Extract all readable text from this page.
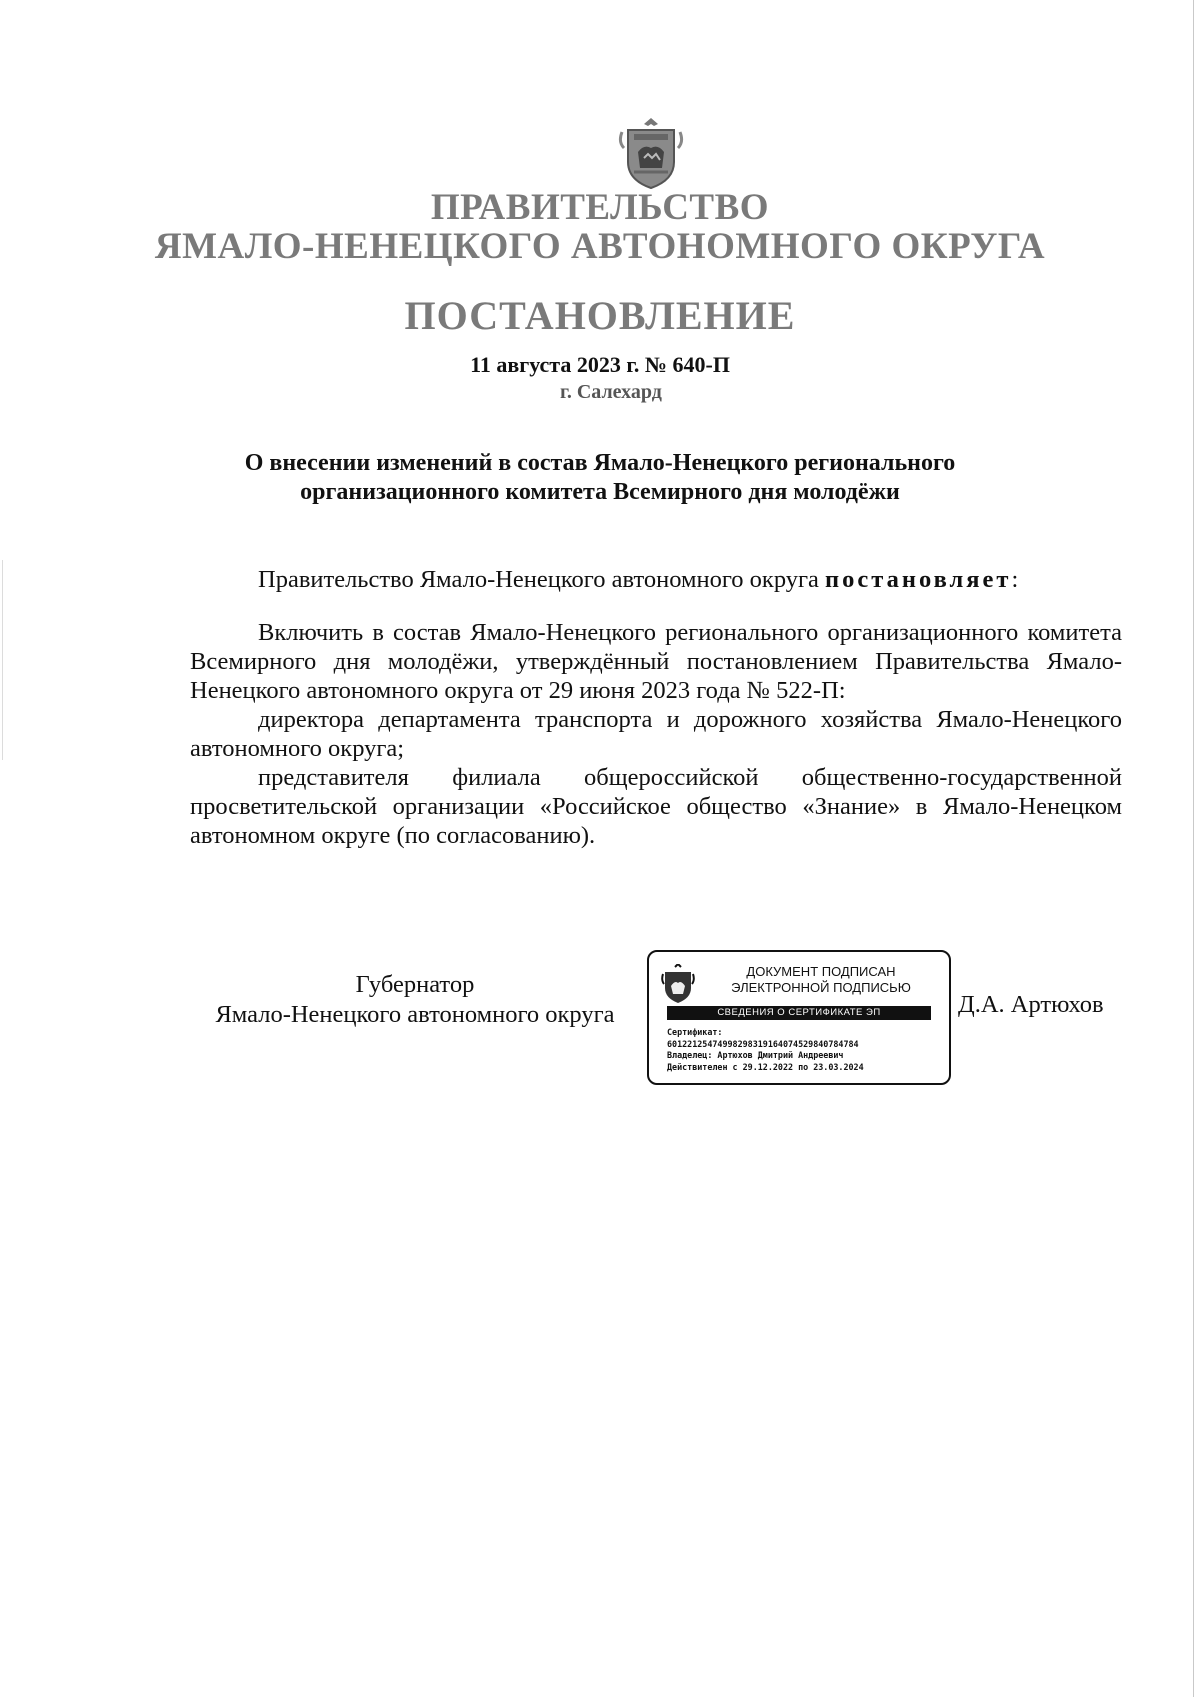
ПРАВИТЕЛЬСТВО
ЯМАЛО-НЕНЕЦКОГО АВТОНОМНОГО ОКРУГА
ПОСТАНОВЛЕНИЕ
11 августа 2023 г. № 640-П
г. Салехард
О внесении изменений в состав Ямало-Ненецкого регионального
организационного комитета Всемирного дня молодёжи
Правительство Ямало-Ненецкого автономного округа постановляет:

Включить в состав Ямало-Ненецкого регионального организационного комитета Всемирного дня молодёжи, утверждённый постановлением Правительства Ямало-Ненецкого автономного округа от 29 июня 2023 года № 522-П:

директора департамента транспорта и дорожного хозяйства Ямало-Ненецкого автономного округа;

представителя филиала общероссийской общественно-государственной просветительской организации «Российское общество «Знание» в Ямало-Ненецком автономном округе (по согласованию).

Губернатор
Ямало-Ненецкого автономного округа
ДОКУМЕНТ ПОДПИСАН
ЭЛЕКТРОННОЙ ПОДПИСЬЮ
СВЕДЕНИЯ О СЕРТИФИКАТЕ ЭП
Сертификат:
601221254749982983191640745298407847​84
Владелец: Артюхов Дмитрий Андреевич
Действителен с 29.12.2022 по 23.03.2024
Д.А. Артюхов
